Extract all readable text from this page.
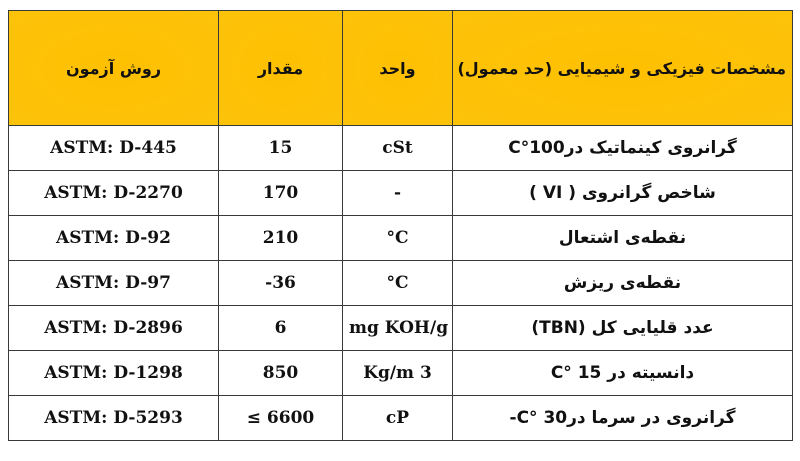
روش آزمون	مقدار	واحد	مشخصات فیزیکی و شیمیایی (حد معمول)
ASTM: D-445	15	cSt	گرانروی کینماتیک درC°100
ASTM: D-2270	170	-	شاخص گرانروی ( VI )
ASTM: D-92	210	°C	نقطه‌ی اشتعال
ASTM: D-97	-36	°C	نقطه‌ی ریزش
ASTM: D-2896	6	mg KOH/g	عدد قلیایی کل (TBN)
ASTM: D-1298	850	Kg/m 3	دانسیته در C° 15
ASTM: D-5293	≤ 6600	cP	گرانروی در سرما درC° 30-
